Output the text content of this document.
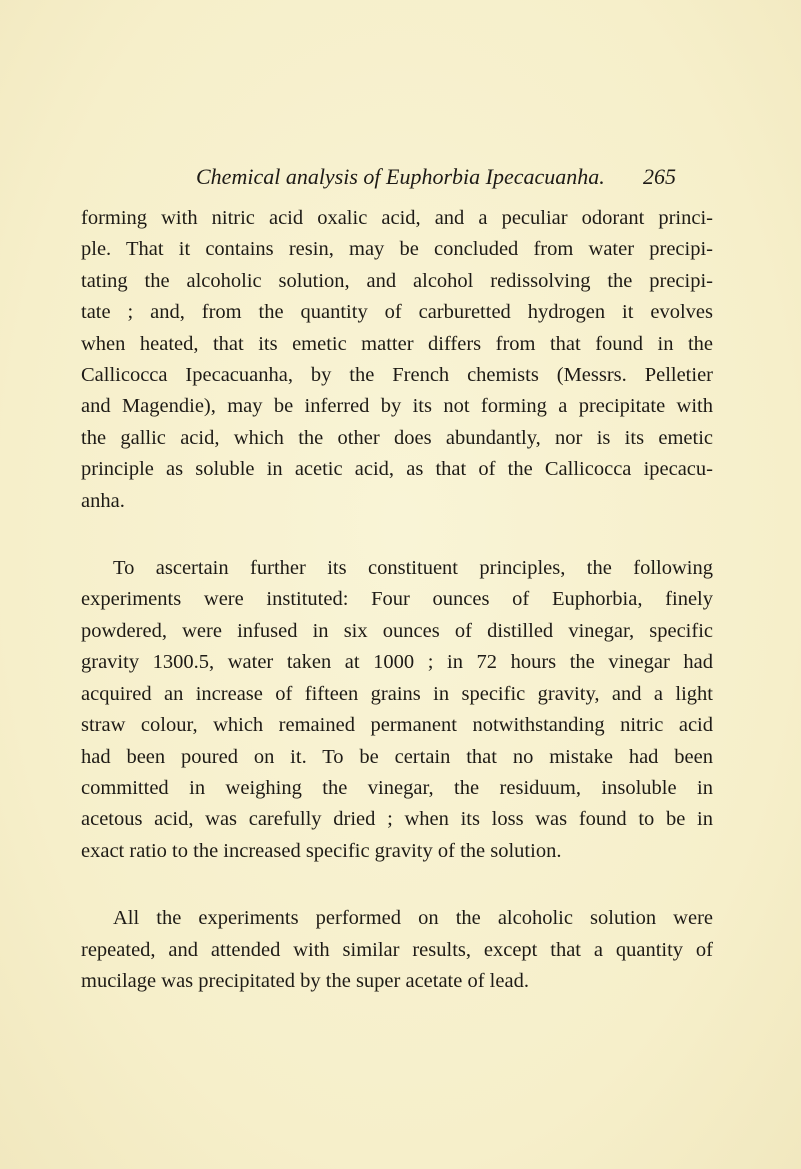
Chemical analysis of Euphorbia Ipecacuanha. 265
forming with nitric acid oxalic acid, and a peculiar odorant princi-
ple. That it contains resin, may be concluded from water precipi-
tating the alcoholic solution, and alcohol redissolving the precipi-
tate ; and, from the quantity of carburetted hydrogen it evolves
when heated, that its emetic matter differs from that found in the
Callicocca Ipecacuanha, by the French chemists (Messrs. Pelletier
and Magendie), may be inferred by its not forming a precipitate with
the gallic acid, which the other does abundantly, nor is its emetic
principle as soluble in acetic acid, as that of the Callicocca ipecacu-
anha.
To ascertain further its constituent principles, the following
experiments were instituted: Four ounces of Euphorbia, finely
powdered, were infused in six ounces of distilled vinegar, specific
gravity 1300.5, water taken at 1000 ; in 72 hours the vinegar had
acquired an increase of fifteen grains in specific gravity, and a light
straw colour, which remained permanent notwithstanding nitric acid
had been poured on it. To be certain that no mistake had been
committed in weighing the vinegar, the residuum, insoluble in
acetous acid, was carefully dried ; when its loss was found to be in
exact ratio to the increased specific gravity of the solution.
All the experiments performed on the alcoholic solution were
repeated, and attended with similar results, except that a quantity of
mucilage was precipitated by the super acetate of lead.
